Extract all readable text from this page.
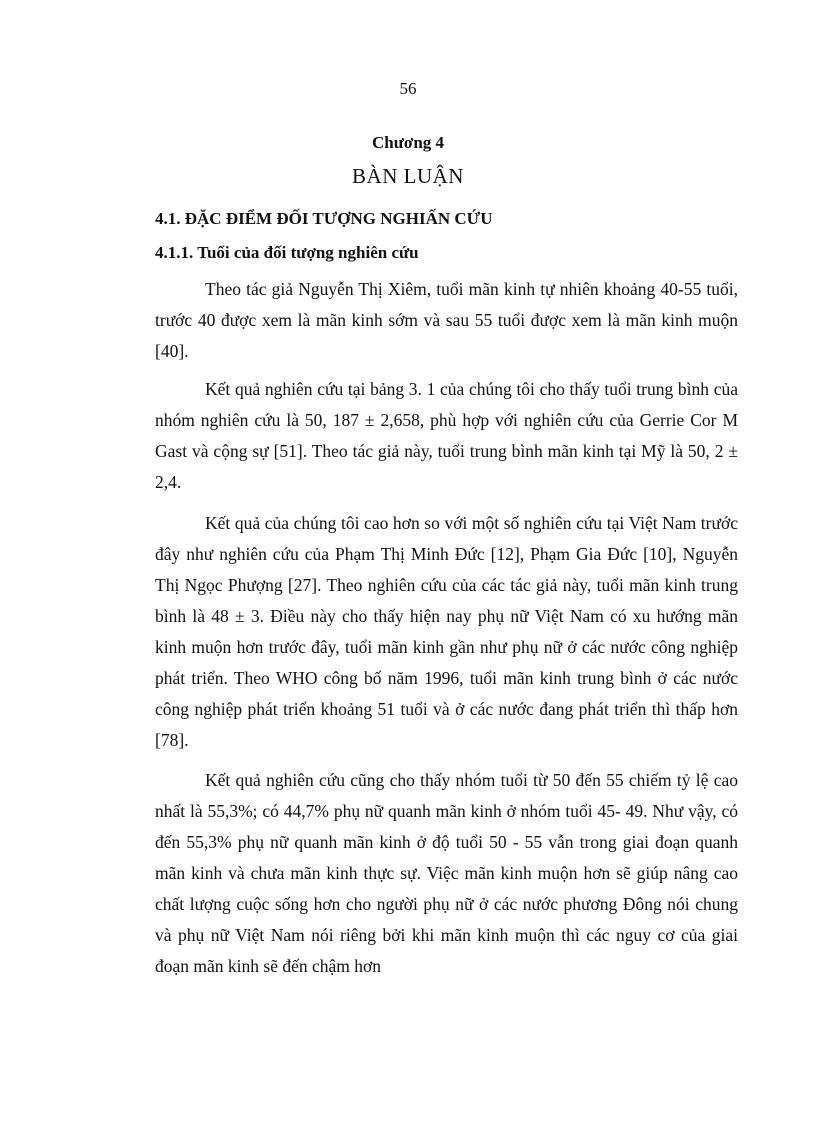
56
Chương 4
BÀN LUẬN
4.1. ĐẶC ĐIỂM ĐỐI TƯỢNG NGHIẤN CỨU
4.1.1. Tuổi của đối tượng nghiên cứu

Theo tác giả Nguyễn Thị Xiêm, tuổi mãn kinh tự nhiên khoảng 40-55 tuổi, trước 40 được xem là mãn kinh sớm và sau 55 tuổi được xem là mãn kinh muộn [40].

Kết quả nghiên cứu tại bảng 3. 1 của chúng tôi cho thấy tuổi trung bình của nhóm nghiên cứu là 50, 187 ± 2,658, phù hợp với nghiên cứu của Gerrie Cor M Gast và cộng sự [51]. Theo tác giả này, tuổi trung bình mãn kinh tại Mỹ là 50, 2 ± 2,4.

Kết quả của chúng tôi cao hơn so với một số nghiên cứu tại Việt Nam trước đây như nghiên cứu của Phạm Thị Minh Đức [12], Phạm Gia Đức [10], Nguyễn Thị Ngọc Phượng [27]. Theo nghiên cứu của các tác giả này, tuổi mãn kinh trung bình là 48 ± 3. Điều này cho thấy hiện nay phụ nữ Việt Nam có xu hướng mãn kinh muộn hơn trước đây, tuổi mãn kinh gần như phụ nữ ở các nước công nghiệp phát triển. Theo WHO công bố năm 1996, tuổi mãn kinh trung bình ở các nước công nghiệp phát triển khoảng 51 tuổi và ở các nước đang phát triển thì thấp hơn [78].

Kết quả nghiên cứu cũng cho thấy nhóm tuổi từ 50 đến 55 chiếm tỷ lệ cao nhất là 55,3%; có 44,7% phụ nữ quanh mãn kinh ở nhóm tuổi 45- 49. Như vậy, có đến 55,3% phụ nữ quanh mãn kinh ở độ tuổi 50 - 55 vẫn trong giai đoạn quanh mãn kinh và chưa mãn kinh thực sự. Việc mãn kinh muộn hơn sẽ giúp nâng cao chất lượng cuộc sống hơn cho người phụ nữ ở các nước phương Đông nói chung và phụ nữ Việt Nam nói riêng bởi khi mãn kinh muộn thì các nguy cơ của giai đoạn mãn kinh sẽ đến chậm hơn
